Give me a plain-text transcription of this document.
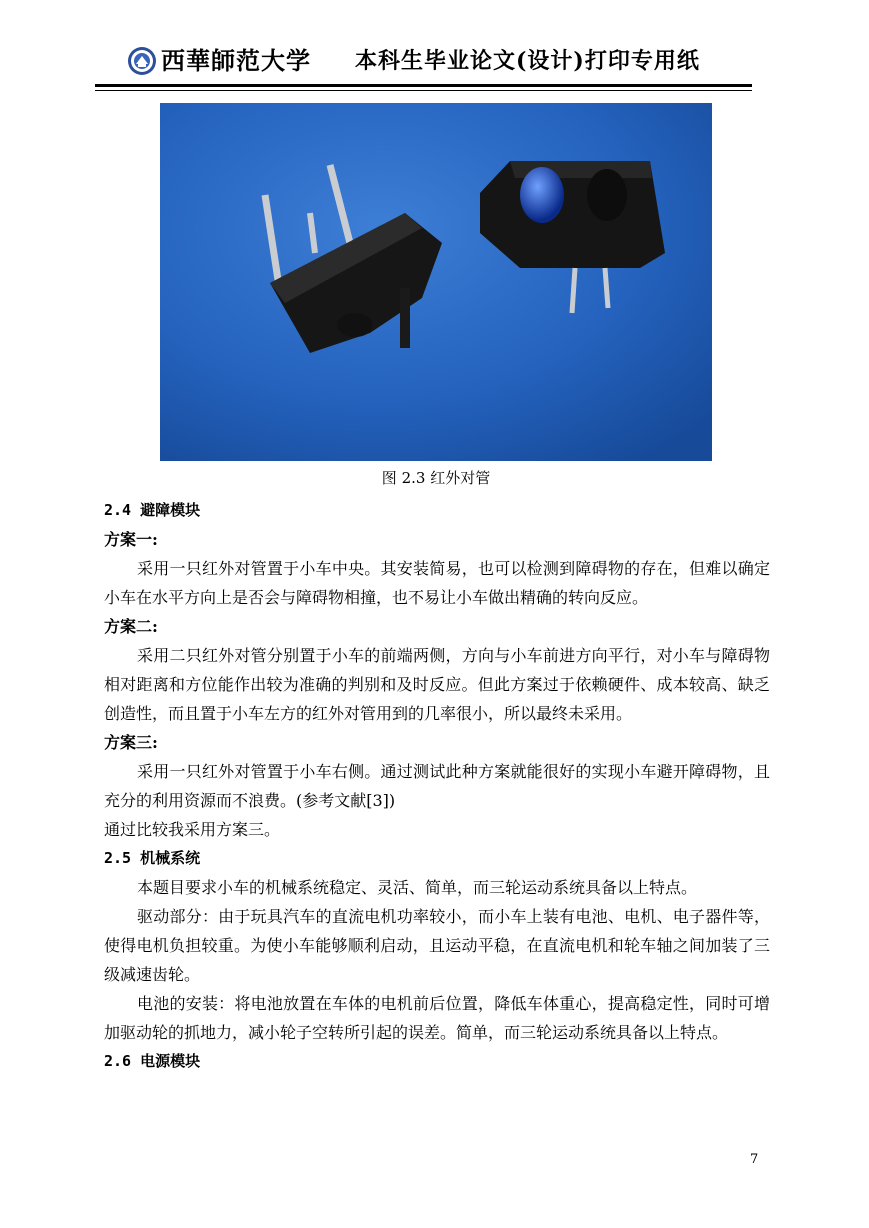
西華師范大学 本科生毕业论文(设计)打印专用纸
图 2.3 红外对管
2.4 避障模块
方案一:

采用一只红外对管置于小车中央。其安装简易，也可以检测到障碍物的存在，但难以确定小车在水平方向上是否会与障碍物相撞，也不易让小车做出精确的转向反应。

方案二:

采用二只红外对管分别置于小车的前端两侧，方向与小车前进方向平行，对小车与障碍物相对距离和方位能作出较为准确的判别和及时反应。但此方案过于依赖硬件、成本较高、缺乏创造性，而且置于小车左方的红外对管用到的几率很小，所以最终未采用。

方案三:

采用一只红外对管置于小车右侧。通过测试此种方案就能很好的实现小车避开障碍物，且充分的利用资源而不浪费。(参考文献[3])

通过比较我采用方案三。
2.5 机械系统

本题目要求小车的机械系统稳定、灵活、简单，而三轮运动系统具备以上特点。

驱动部分：由于玩具汽车的直流电机功率较小，而小车上装有电池、电机、电子器件等，使得电机负担较重。为使小车能够顺利启动，且运动平稳，在直流电机和轮车轴之间加装了三级减速齿轮。

电池的安装：将电池放置在车体的电机前后位置，降低车体重心，提高稳定性，同时可增加驱动轮的抓地力，减小轮子空转所引起的误差。简单，而三轮运动系统具备以上特点。

2.6 电源模块
7
